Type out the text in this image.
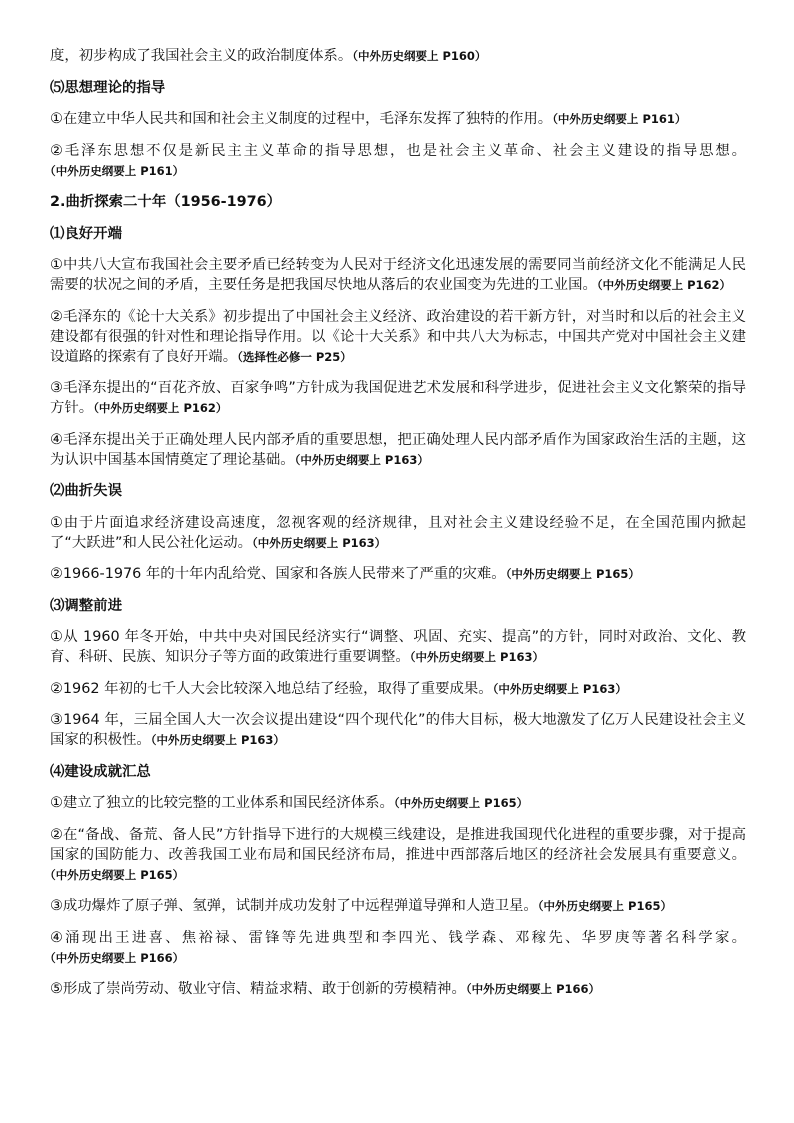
度，初步构成了我国社会主义的政治制度体系。（中外历史纲要上 P160）
⑸思想理论的指导
①在建立中华人民共和国和社会主义制度的过程中，毛泽东发挥了独特的作用。（中外历史纲要上 P161）
②毛泽东思想不仅是新民主主义革命的指导思想，也是社会主义革命、社会主义建设的指导思想。（中外历史纲要上 P161）
2.曲折探索二十年（1956-1976）
⑴良好开端
①中共八大宣布我国社会主要矛盾已经转变为人民对于经济文化迅速发展的需要同当前经济文化不能满足人民需要的状况之间的矛盾，主要任务是把我国尽快地从落后的农业国变为先进的工业国。（中外历史纲要上 P162）
②毛泽东的《论十大关系》初步提出了中国社会主义经济、政治建设的若干新方针，对当时和以后的社会主义建设都有很强的针对性和理论指导作用。以《论十大关系》和中共八大为标志，中国共产党对中国社会主义建设道路的探索有了良好开端。（选择性必修一 P25）
③毛泽东提出的“百花齐放、百家争鸣”方针成为我国促进艺术发展和科学进步，促进社会主义文化繁荣的指导方针。（中外历史纲要上 P162）
④毛泽东提出关于正确处理人民内部矛盾的重要思想，把正确处理人民内部矛盾作为国家政治生活的主题，这为认识中国基本国情奠定了理论基础。（中外历史纲要上 P163）
⑵曲折失误
①由于片面追求经济建设高速度，忽视客观的经济规律，且对社会主义建设经验不足，在全国范围内掀起了“大跃进”和人民公社化运动。（中外历史纲要上 P163）
②1966-1976 年的十年内乱给党、国家和各族人民带来了严重的灾难。（中外历史纲要上 P165）
⑶调整前进
①从 1960 年冬开始，中共中央对国民经济实行“调整、巩固、充实、提高”的方针，同时对政治、文化、教育、科研、民族、知识分子等方面的政策进行重要调整。（中外历史纲要上 P163）
②1962 年初的七千人大会比较深入地总结了经验，取得了重要成果。（中外历史纲要上 P163）
③1964 年，三届全国人大一次会议提出建设“四个现代化”的伟大目标，极大地激发了亿万人民建设社会主义国家的积极性。（中外历史纲要上 P163）
⑷建设成就汇总
①建立了独立的比较完整的工业体系和国民经济体系。（中外历史纲要上 P165）
②在“备战、备荒、备人民”方针指导下进行的大规模三线建设，是推进我国现代化进程的重要步骤，对于提高国家的国防能力、改善我国工业布局和国民经济布局，推进中西部落后地区的经济社会发展具有重要意义。（中外历史纲要上 P165）
③成功爆炸了原子弹、氢弹，试制并成功发射了中远程弹道导弹和人造卫星。（中外历史纲要上 P165）
④涌现出王进喜、焦裕禄、雷锋等先进典型和李四光、钱学森、邓稼先、华罗庚等著名科学家。（中外历史纲要上 P166）
⑤形成了崇尚劳动、敬业守信、精益求精、敢于创新的劳模精神。（中外历史纲要上 P166）
